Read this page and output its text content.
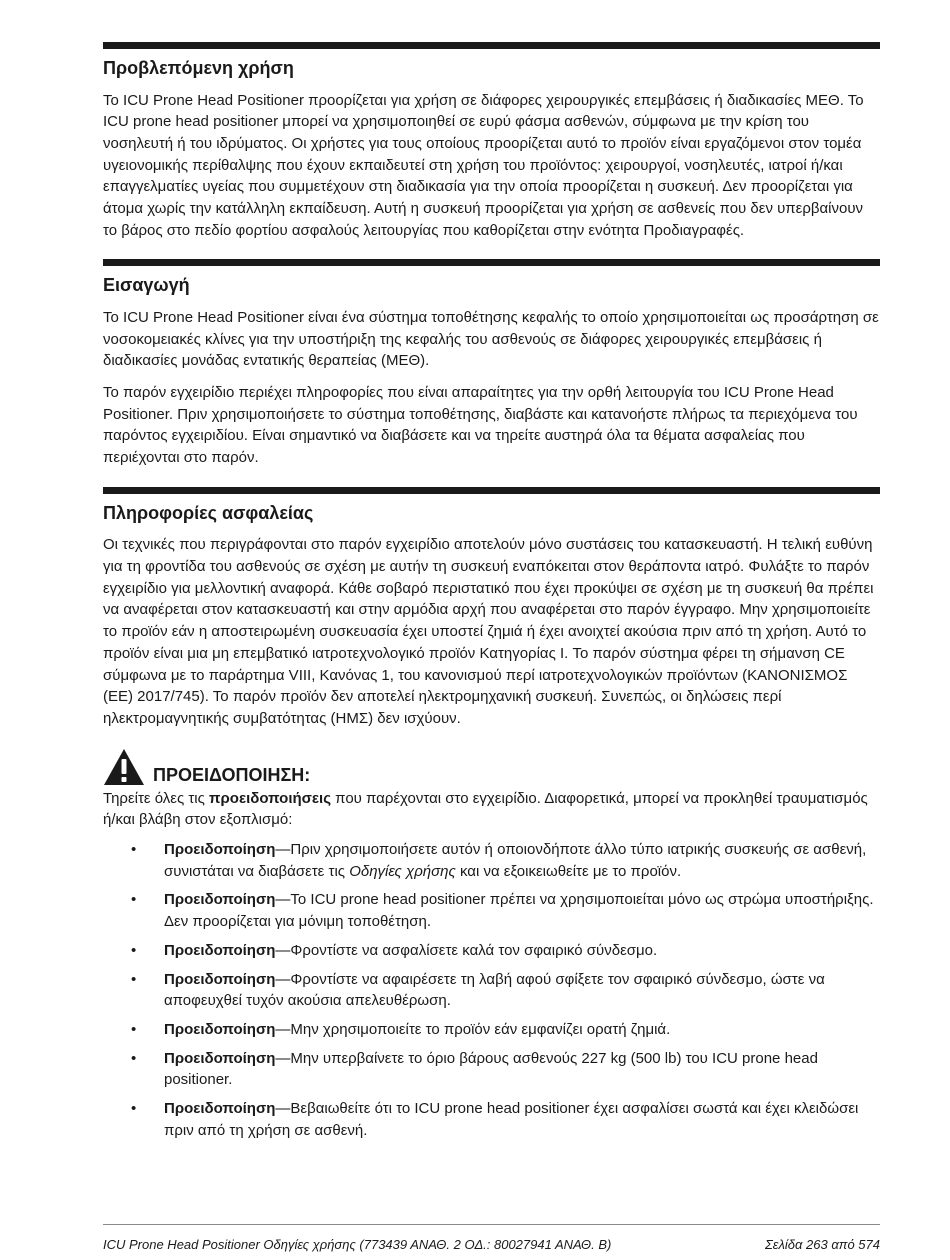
Προβλεπόμενη χρήση

Το ICU Prone Head Positioner προορίζεται για χρήση σε διάφορες χειρουργικές επεμβάσεις ή διαδικασίες ΜΕΘ. Το ICU prone head positioner μπορεί να χρησιμοποιηθεί σε ευρύ φάσμα ασθενών, σύμφωνα με την κρίση του νοσηλευτή ή του ιδρύματος. Οι χρήστες για τους οποίους προορίζεται αυτό το προϊόν είναι εργαζόμενοι στον τομέα υγειονομικής περίθαλψης που έχουν εκπαιδευτεί στη χρήση του προϊόντος: χειρουργοί, νοσηλευτές, ιατροί ή/και επαγγελματίες υγείας που συμμετέχουν στη διαδικασία για την οποία προορίζεται η συσκευή. Δεν προορίζεται για άτομα χωρίς την κατάλληλη εκπαίδευση. Αυτή η συσκευή προορίζεται για χρήση σε ασθενείς που δεν υπερβαίνουν το βάρος στο πεδίο φορτίου ασφαλούς λειτουργίας που καθορίζεται στην ενότητα Προδιαγραφές.

Εισαγωγή

Το ICU Prone Head Positioner είναι ένα σύστημα τοποθέτησης κεφαλής το οποίο χρησιμοποιείται ως προσάρτηση σε νοσοκομειακές κλίνες για την υποστήριξη της κεφαλής του ασθενούς σε διάφορες χειρουργικές επεμβάσεις ή διαδικασίες μονάδας εντατικής θεραπείας (ΜΕΘ).

Το παρόν εγχειρίδιο περιέχει πληροφορίες που είναι απαραίτητες για την ορθή λειτουργία του ICU Prone Head Positioner. Πριν χρησιμοποιήσετε το σύστημα τοποθέτησης, διαβάστε και κατανοήστε πλήρως τα περιεχόμενα του παρόντος εγχειριδίου. Είναι σημαντικό να διαβάσετε και να τηρείτε αυστηρά όλα τα θέματα ασφαλείας που περιέχονται στο παρόν.

Πληροφορίες ασφαλείας

Οι τεχνικές που περιγράφονται στο παρόν εγχειρίδιο αποτελούν μόνο συστάσεις του κατασκευαστή. Η τελική ευθύνη για τη φροντίδα του ασθενούς σε σχέση με αυτήν τη συσκευή εναπόκειται στον θεράποντα ιατρό. Φυλάξτε το παρόν εγχειρίδιο για μελλοντική αναφορά. Κάθε σοβαρό περιστατικό που έχει προκύψει σε σχέση με τη συσκευή θα πρέπει να αναφέρεται στον κατασκευαστή και στην αρμόδια αρχή που αναφέρεται στο παρόν έγγραφο. Μην χρησιμοποιείτε το προϊόν εάν η αποστειρωμένη συσκευασία έχει υποστεί ζημιά ή έχει ανοιχτεί ακούσια πριν από τη χρήση. Αυτό το προϊόν είναι μια μη επεμβατικό ιατροτεχνολογικό προϊόν Κατηγορίας I. Το παρόν σύστημα φέρει τη σήμανση CE σύμφωνα με το παράρτημα VIII, Κανόνας 1, του κανονισμού περί ιατροτεχνολογικών προϊόντων (ΚΑΝΟΝΙΣΜΟΣ (ΕΕ) 2017/745). Το παρόν προϊόν δεν αποτελεί ηλεκτρομηχανική συσκευή. Συνεπώς, οι δηλώσεις περί ηλεκτρομαγνητικής συμβατότητας (ΗΜΣ) δεν ισχύουν.

ΠΡΟΕΙΔΟΠΟΙΗΣΗ:
Τηρείτε όλες τις προειδοποιήσεις που παρέχονται στο εγχειρίδιο. Διαφορετικά, μπορεί να προκληθεί τραυματισμός ή/και βλάβη στον εξοπλισμό:
• Προειδοποίηση—Πριν χρησιμοποιήσετε αυτόν ή οποιονδήποτε άλλο τύπο ιατρικής συσκευής σε ασθενή, συνιστάται να διαβάσετε τις Οδηγίες χρήσης και να εξοικειωθείτε με το προϊόν.
• Προειδοποίηση—Το ICU prone head positioner πρέπει να χρησιμοποιείται μόνο ως στρώμα υποστήριξης. Δεν προορίζεται για μόνιμη τοποθέτηση.
• Προειδοποίηση—Φροντίστε να ασφαλίσετε καλά τον σφαιρικό σύνδεσμο.
• Προειδοποίηση—Φροντίστε να αφαιρέσετε τη λαβή αφού σφίξετε τον σφαιρικό σύνδεσμο, ώστε να αποφευχθεί τυχόν ακούσια απελευθέρωση.
• Προειδοποίηση—Μην χρησιμοποιείτε το προϊόν εάν εμφανίζει ορατή ζημιά.
• Προειδοποίηση—Μην υπερβαίνετε το όριο βάρους ασθενούς 227 kg (500 lb) του ICU prone head positioner.
• Προειδοποίηση—Βεβαιωθείτε ότι το ICU prone head positioner έχει ασφαλίσει σωστά και έχει κλειδώσει πριν από τη χρήση σε ασθενή.
ICU Prone Head Positioner Οδηγίες χρήσης (773439 ΑΝΑΘ. 2 ΟΔ.: 80027941 ΑΝΑΘ. Β)	Σελίδα 263 από 574
